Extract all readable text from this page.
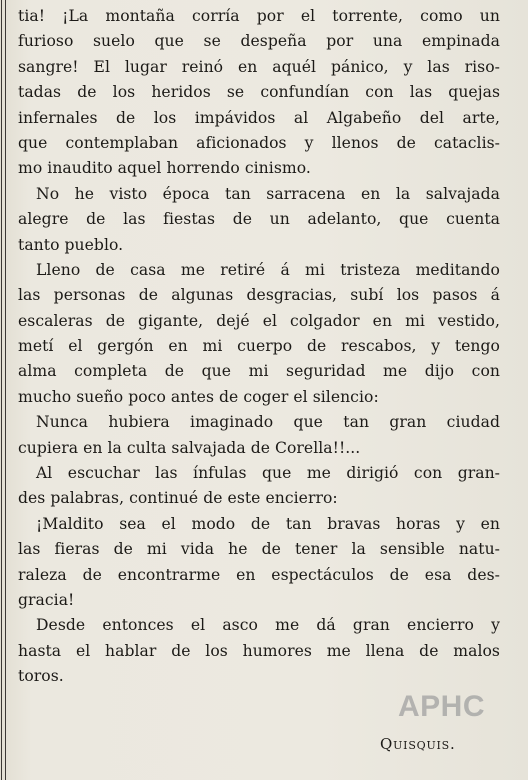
tia! ¡La montaña corría por el torrente, como un
furioso suelo que se despeña por una empinada
sangre! El lugar reinó en aquél pánico, y las riso-
tadas de los heridos se confundían con las quejas
infernales de los impávidos al Algabeño del arte,
que contemplaban aficionados y llenos de cataclis-
mo inaudito aquel horrendo cinismo.
No he visto época tan sarracena en la salvajada
alegre de las fiestas de un adelanto, que cuenta
tanto pueblo.
Lleno de casa me retiré á mi tristeza meditando
las personas de algunas desgracias, subí los pasos á
escaleras de gigante, dejé el colgador en mi vestido,
metí el gergón en mi cuerpo de rescabos, y tengo
alma completa de que mi seguridad me dijo con
mucho sueño poco antes de coger el silencio:
Nunca hubiera imaginado que tan gran ciudad
cupiera en la culta salvajada de Corella!!...
Al escuchar las ínfulas que me dirigió con gran-
des palabras, continué de este encierro:
¡Maldito sea el modo de tan bravas horas y en
las fieras de mi vida he de tener la sensible natu-
raleza de encontrarme en espectáculos de esa des-
gracia!
Desde entonces el asco me dá gran encierro y
hasta el hablar de los humores me llena de malos
toros.
APHC
Quisquis.
